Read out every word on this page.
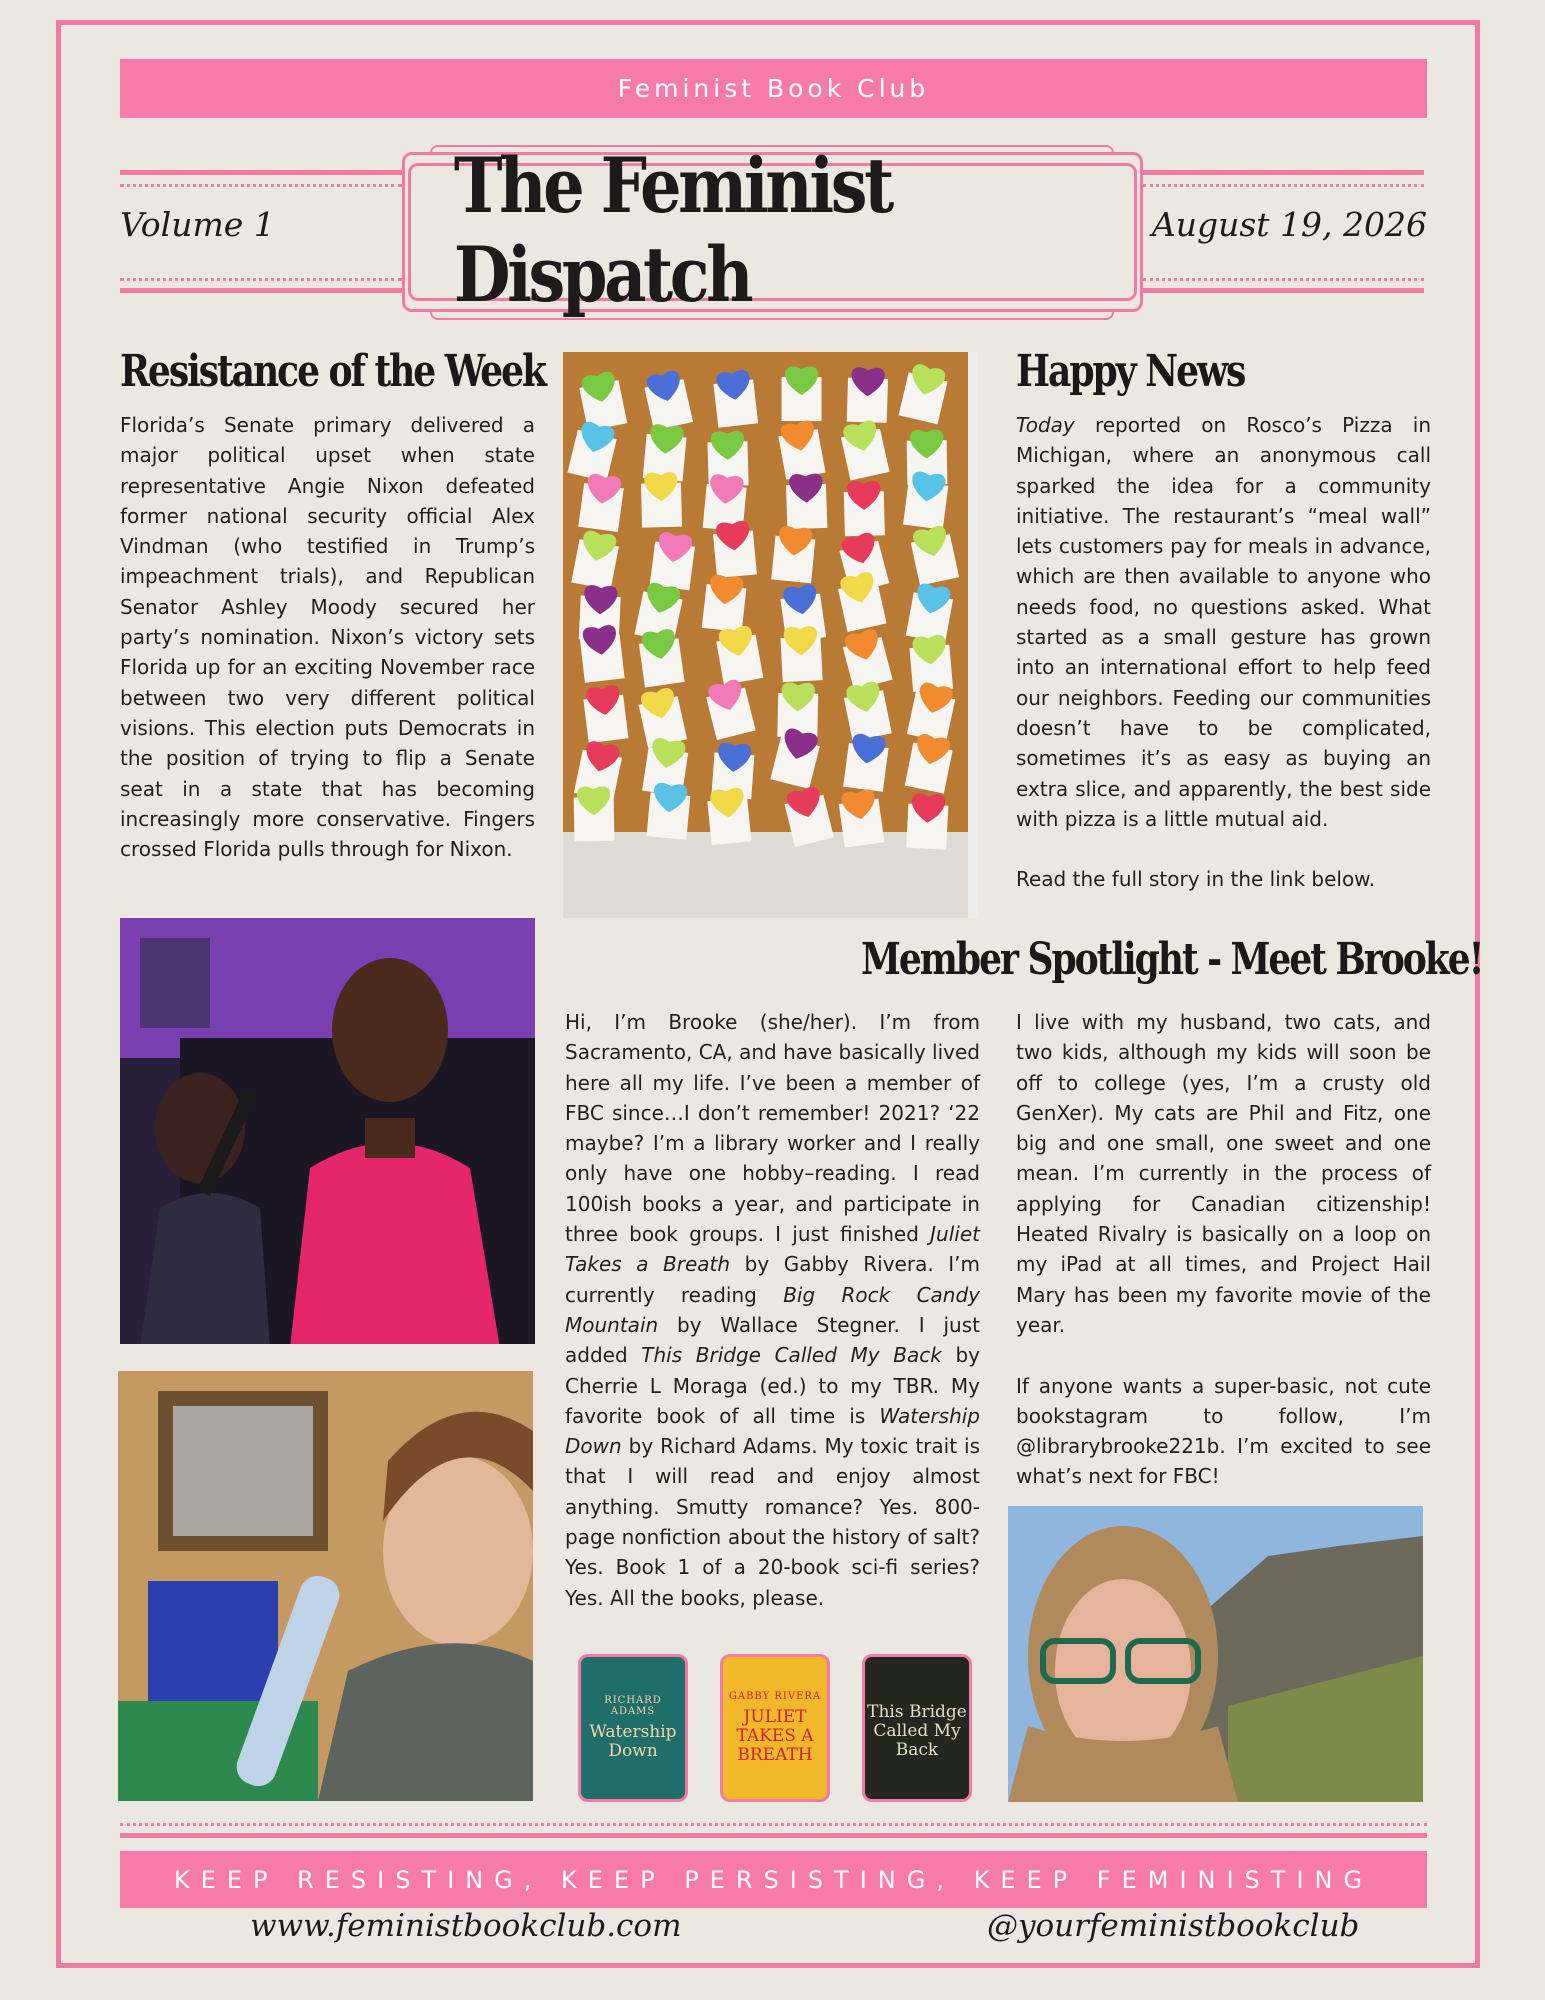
Feminist Book Club
The Feminist Dispatch
Volume 1	August 19, 2026
Resistance of the Week

Florida’s Senate primary delivered a major political upset when state representative Angie Nixon defeated former national security official Alex Vindman (who testified in Trump’s impeachment trials), and Republican Senator Ashley Moody secured her party’s nomination. Nixon’s victory sets Florida up for an exciting November race between two very different political visions. This election puts Democrats in the position of trying to flip a Senate seat in a state that has becoming increasingly more conservative. Fingers crossed Florida pulls through for Nixon.

Happy News

Today reported on Rosco’s Pizza in Michigan, where an anonymous call sparked the idea for a community initiative. The restaurant’s “meal wall” lets customers pay for meals in advance, which are then available to anyone who needs food, no questions asked. What started as a small gesture has grown into an international effort to help feed our neighbors. Feeding our communities doesn’t have to be complicated, sometimes it’s as easy as buying an extra slice, and apparently, the best side with pizza is a little mutual aid.

Read the full story in the link below.

Member Spotlight - Meet Brooke!

Hi, I’m Brooke (she/her). I’m from Sacramento, CA, and have basically lived here all my life. I’ve been a member of FBC since…I don’t remember! 2021? ‘22 maybe? I’m a library worker and I really only have one hobby–reading. I read 100ish books a year, and participate in three book groups. I just finished Juliet Takes a Breath by Gabby Rivera. I’m currently reading Big Rock Candy Mountain by Wallace Stegner. I just added This Bridge Called My Back by Cherrie L Moraga (ed.) to my TBR. My favorite book of all time is Watership Down by Richard Adams. My toxic trait is that I will read and enjoy almost anything. Smutty romance? Yes. 800-page nonfiction about the history of salt? Yes. Book 1 of a 20-book sci-fi series? Yes. All the books, please.

I live with my husband, two cats, and two kids, although my kids will soon be off to college (yes, I’m a crusty old GenXer). My cats are Phil and Fitz, one big and one small, one sweet and one mean. I’m currently in the process of applying for Canadian citizenship! Heated Rivalry is basically on a loop on my iPad at all times, and Project Hail Mary has been my favorite movie of the year.

If anyone wants a super-basic, not cute bookstagram to follow, I’m @librarybrooke221b. I’m excited to see what’s next for FBC!

RICHARD ADAMS
Watership Down
GABBY RIVERA
JULIET TAKES A BREATH
This Bridge Called My Back
KEEP RESISTING, KEEP PERSISTING, KEEP FEMINISTING
www.feministbookclub.com	@yourfeministbookclub
